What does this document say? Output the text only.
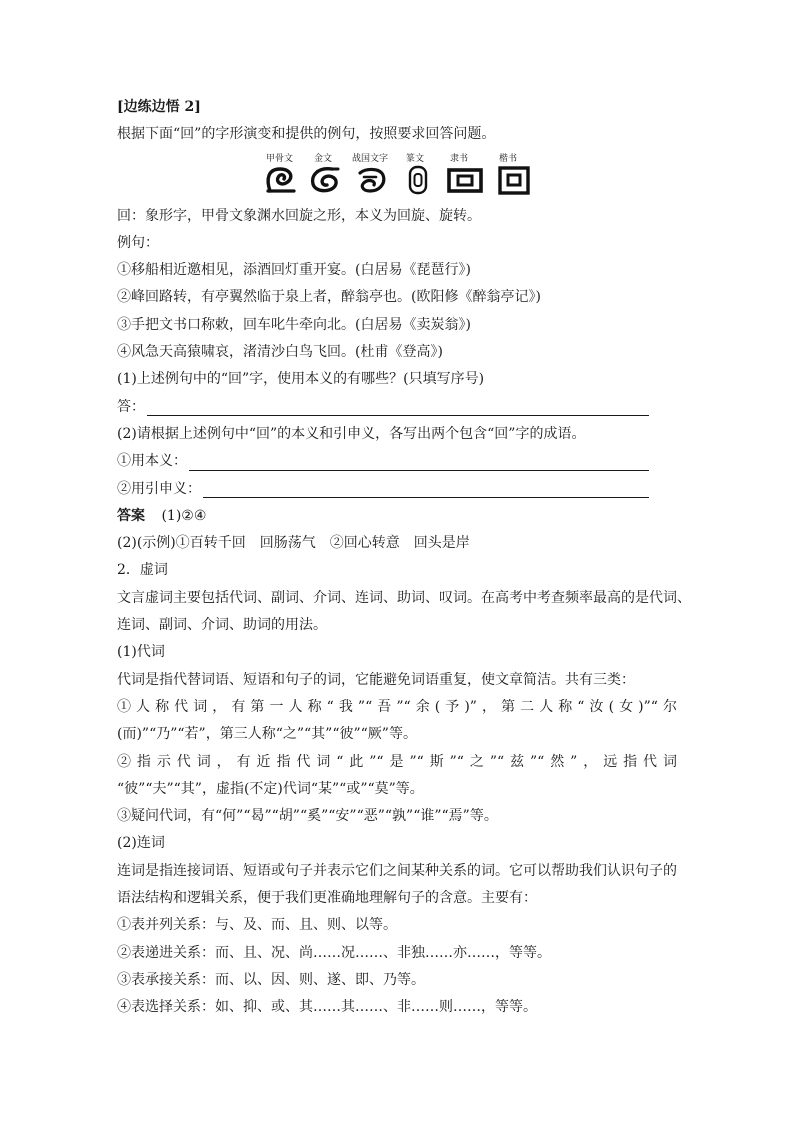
[边练边悟 2]
根据下面“回”的字形演变和提供的例句，按照要求回答问题。
甲骨文 金文 战国文字 篆文	隶书	楷书
回：象形字，甲骨文象渊水回旋之形，本义为回旋、旋转。
例句：
①移船相近邀相见，添酒回灯重开宴。(白居易《琵琶行》)
②峰回路转，有亭翼然临于泉上者，醉翁亭也。(欧阳修《醉翁亭记》)
③手把文书口称敕，回车叱牛牵向北。(白居易《卖炭翁》)
④风急天高猿啸哀，渚清沙白鸟飞回。(杜甫《登高》)
(1)上述例句中的“回”字，使用本义的有哪些？(只填写序号)
答：
(2)请根据上述例句中“回”的本义和引申义，各写出两个包含“回”字的成语。
①用本义：
②用引申义：
答案 (1)②④
(2)(示例)①百转千回　回肠荡气　②回心转意　回头是岸
2．虚词
文言虚词主要包括代词、副词、介词、连词、助词、叹词。在高考中考查频率最高的是代词、
连词、副词、介词、助词的用法。
(1)代词
代词是指代替词语、短语和句子的词，它能避免词语重复，使文章简洁。共有三类：
①人称代词，有第一人称“我”“吾”“余(予)”，第二人称“汝(女)”“尔
(而)”“乃”“若”，第三人称“之”“其”“彼”“厥”等。
②指示代词，有近指代词“此”“是”“斯”“之”“兹”“然”，远指代词
“彼”“夫”“其”，虚指(不定)代词“某”“或”“莫”等。
③疑问代词，有“何”“曷”“胡”“奚”“安”“恶”“孰”“谁”“焉”等。
(2)连词
连词是指连接词语、短语或句子并表示它们之间某种关系的词。它可以帮助我们认识句子的
语法结构和逻辑关系，便于我们更准确地理解句子的含意。主要有：
①表并列关系：与、及、而、且、则、以等。
②表递进关系：而、且、况、尚……况……、非独……亦……，等等。
③表承接关系：而、以、因、则、遂、即、乃等。
④表选择关系：如、抑、或、其……其……、非……则……，等等。
